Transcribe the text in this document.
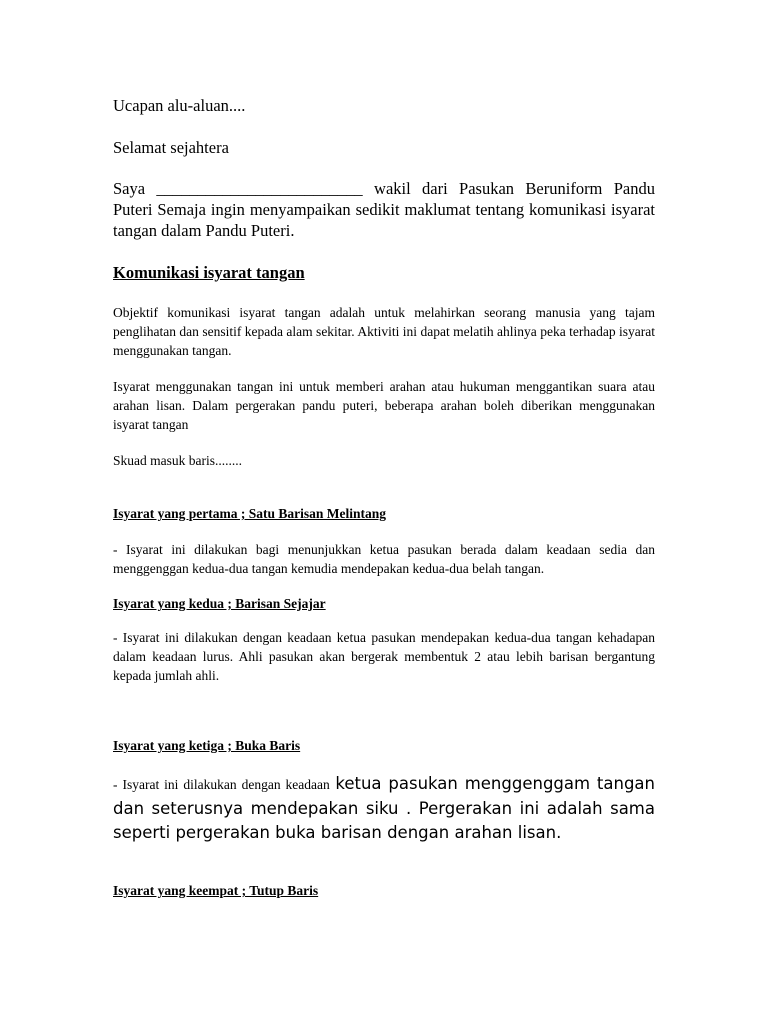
Ucapan alu-aluan....

Selamat sejahtera

Saya _________________________ wakil dari Pasukan Beruniform Pandu Puteri Semaja ingin menyampaikan sedikit maklumat tentang komunikasi isyarat tangan dalam Pandu Puteri.

Komunikasi isyarat tangan

Objektif komunikasi isyarat tangan adalah untuk melahirkan seorang manusia yang tajam penglihatan dan sensitif kepada alam sekitar. Aktiviti ini dapat melatih ahlinya peka terhadap isyarat menggunakan tangan.

Isyarat menggunakan tangan ini untuk memberi arahan atau hukuman menggantikan suara atau arahan lisan. Dalam pergerakan pandu puteri, beberapa arahan boleh diberikan menggunakan isyarat tangan

Skuad masuk baris........

Isyarat yang pertama ; Satu Barisan Melintang

- Isyarat ini dilakukan bagi menunjukkan ketua pasukan berada dalam keadaan sedia dan menggenggan kedua-dua tangan kemudia mendepakan kedua-dua belah tangan.

Isyarat yang kedua ; Barisan Sejajar

- Isyarat ini dilakukan dengan keadaan ketua pasukan mendepakan kedua-dua tangan kehadapan dalam keadaan lurus. Ahli pasukan akan bergerak membentuk 2 atau lebih barisan bergantung kepada jumlah ahli.

Isyarat yang ketiga ; Buka Baris

- Isyarat ini dilakukan dengan keadaan ketua pasukan menggenggam tangan dan seterusnya mendepakan siku . Pergerakan ini adalah sama seperti pergerakan buka barisan dengan arahan lisan.

Isyarat yang keempat ; Tutup Baris
